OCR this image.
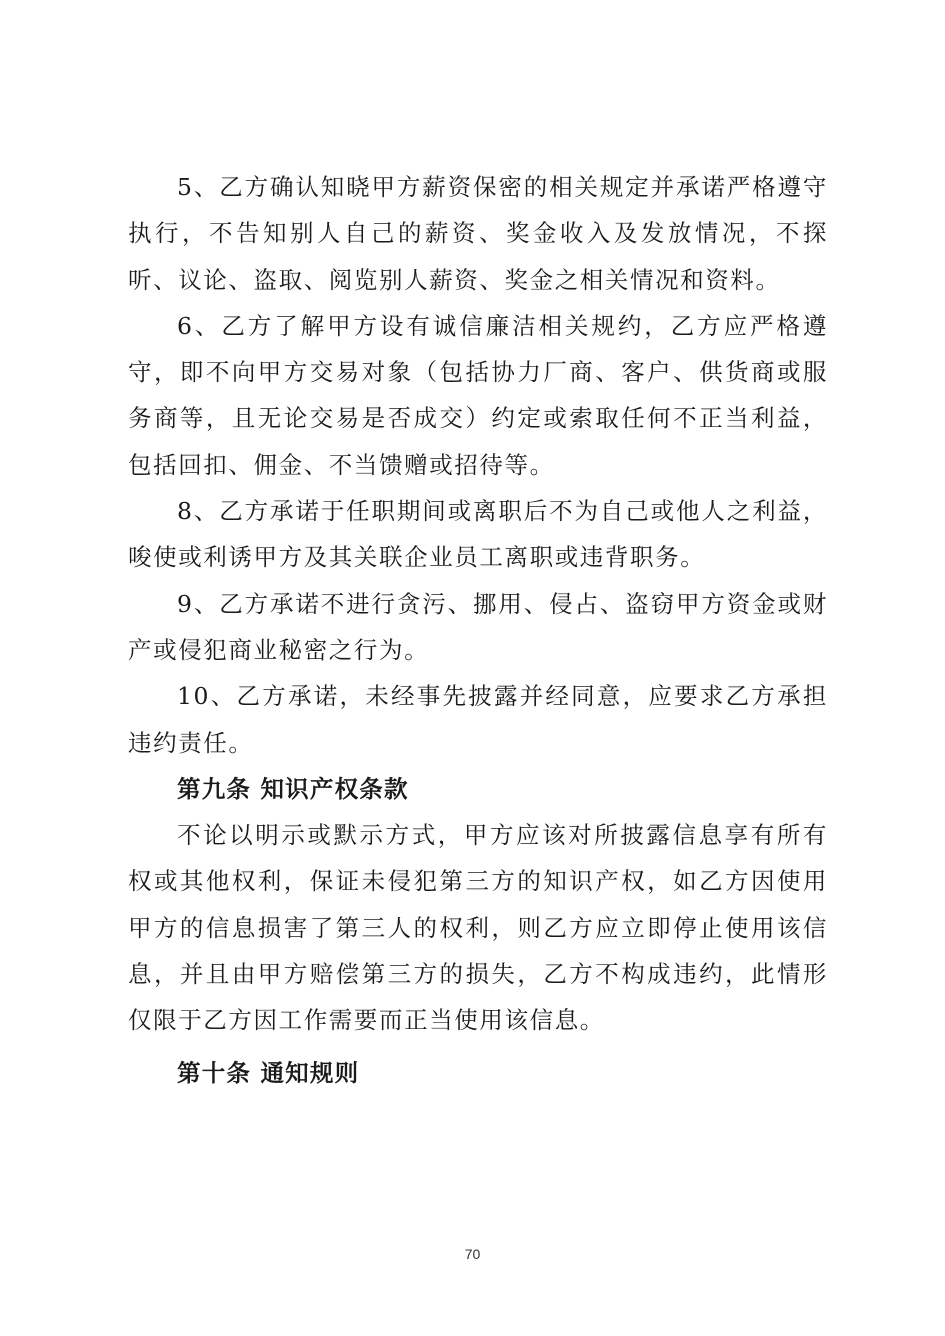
5、乙方确认知晓甲方薪资保密的相关规定并承诺严格遵守执行，不告知别人自己的薪资、奖金收入及发放情况，不探听、议论、盗取、阅览别人薪资、奖金之相关情况和资料。

6、乙方了解甲方设有诚信廉洁相关规约，乙方应严格遵守，即不向甲方交易对象（包括协力厂商、客户、供货商或服务商等，且无论交易是否成交）约定或索取任何不正当利益，包括回扣、佣金、不当馈赠或招待等。

8、乙方承诺于任职期间或离职后不为自己或他人之利益，唆使或利诱甲方及其关联企业员工离职或违背职务。

9、乙方承诺不进行贪污、挪用、侵占、盗窃甲方资金或财产或侵犯商业秘密之行为。

10、乙方承诺，未经事先披露并经同意，应要求乙方承担违约责任。

第九条 知识产权条款

不论以明示或默示方式，甲方应该对所披露信息享有所有权或其他权利，保证未侵犯第三方的知识产权，如乙方因使用甲方的信息损害了第三人的权利，则乙方应立即停止使用该信息，并且由甲方赔偿第三方的损失，乙方不构成违约，此情形仅限于乙方因工作需要而正当使用该信息。

第十条 通知规则

70
